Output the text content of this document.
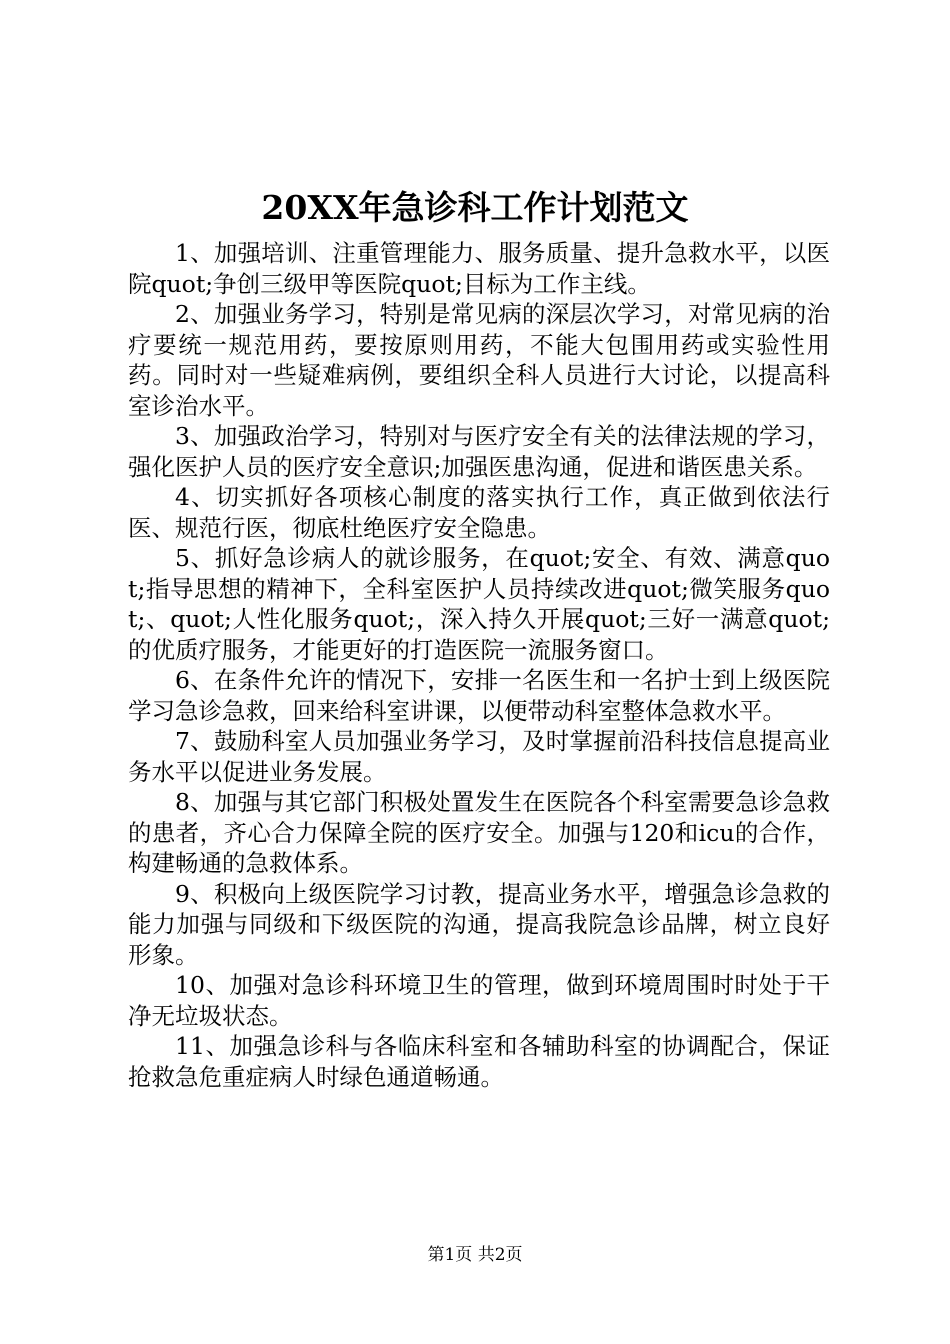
20XX年急诊科工作计划范文

1、加强培训、注重管理能力、服务质量、提升急救水平，以医院quot;争创三级甲等医院quot;目标为工作主线。

2、加强业务学习，特别是常见病的深层次学习，对常见病的治疗要统一规范用药，要按原则用药，不能大包围用药或实验性用药。同时对一些疑难病例，要组织全科人员进行大讨论，以提高科室诊治水平。

3、加强政治学习，特别对与医疗安全有关的法律法规的学习，强化医护人员的医疗安全意识;加强医患沟通，促进和谐医患关系。

4、切实抓好各项核心制度的落实执行工作，真正做到依法行医、规范行医，彻底杜绝医疗安全隐患。

5、抓好急诊病人的就诊服务，在quot;安全、有效、满意quot;指导思想的精神下，全科室医护人员持续改进quot;微笑服务quot;、quot;人性化服务quot;，深入持久开展quot;三好一满意quot;的优质疗服务，才能更好的打造医院一流服务窗口。

6、在条件允许的情况下，安排一名医生和一名护士到上级医院学习急诊急救，回来给科室讲课，以便带动科室整体急救水平。

7、鼓励科室人员加强业务学习，及时掌握前沿科技信息提高业务水平以促进业务发展。

8、加强与其它部门积极处置发生在医院各个科室需要急诊急救的患者，齐心合力保障全院的医疗安全。加强与120和icu的合作，构建畅通的急救体系。

9、积极向上级医院学习讨教，提高业务水平，增强急诊急救的能力加强与同级和下级医院的沟通，提高我院急诊品牌，树立良好形象。

10、加强对急诊科环境卫生的管理，做到环境周围时时处于干净无垃圾状态。

11、加强急诊科与各临床科室和各辅助科室的协调配合，保证抢救急危重症病人时绿色通道畅通。

第1页 共2页
